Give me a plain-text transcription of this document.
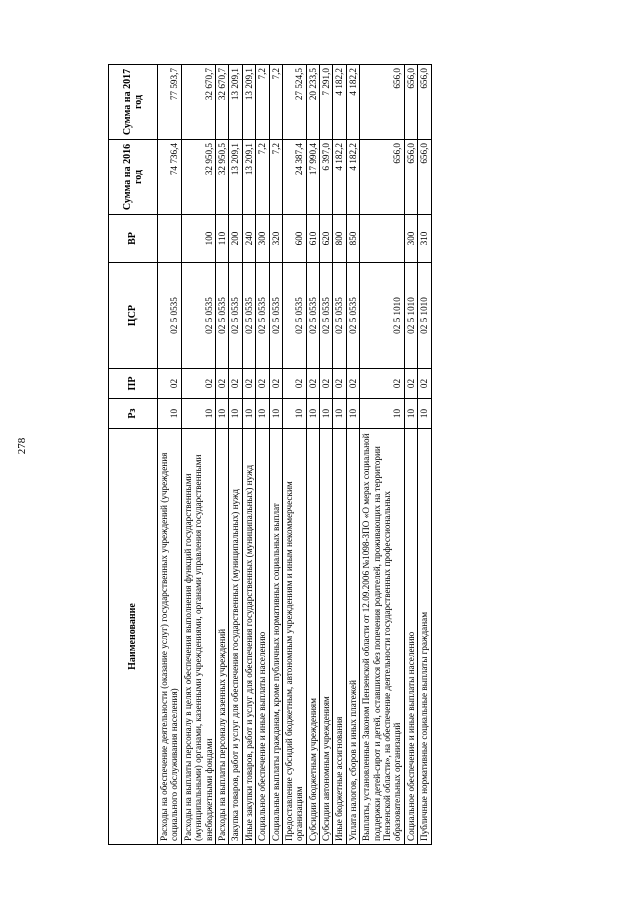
278
Наименование	Рз	ПР	ЦСР	ВР	Сумма на 2016 год	Сумма на 2017 год
Расходы на обеспечение деятельности (оказание услуг) государственных учреждений (учреждения социального обслуживания населения)	10	02	02 5 0535		74 736,4	77 593,7
Расходы на выплаты персоналу в целях обеспечения выполнения функций государственными (муниципальными) органами, казенными учреждениями, органами управления государственными внебюджетными фондами	10	02	02 5 0535	100	32 950,5	32 670,7
Расходы на выплаты персоналу казенных учреждений	10	02	02 5 0535	110	32 950,5	32 670,7
Закупка товаров, работ и услуг для обеспечения государственных (муниципальных) нужд	10	02	02 5 0535	200	13 209,1	13 209,1
Иные закупки товаров, работ и услуг для обеспечения государственных (муниципальных) нужд	10	02	02 5 0535	240	13 209,1	13 209,1
Социальное обеспечение и иные выплаты населению	10	02	02 5 0535	300	7,2	7,2
Социальные выплаты гражданам, кроме публичных нормативных социальных выплат	10	02	02 5 0535	320	7,2	7,2
Предоставление субсидий бюджетным, автономным учреждениям и иным некоммерческим организациям	10	02	02 5 0535	600	24 387,4	27 524,5
Субсидии бюджетным учреждениям	10	02	02 5 0535	610	17 990,4	20 233,5
Субсидии автономным учреждениям	10	02	02 5 0535	620	6 397,0	7 291,0
Иные бюджетные ассигнования	10	02	02 5 0535	800	4 182,2	4 182,2
Уплата налогов, сборов и иных платежей	10	02	02 5 0535	850	4 182,2	4 182,2
Выплаты, установленные Законом Пензенской области от 12.09.2006 №1098-ЗПО «О мерах социальной поддержки детей-сирот и детей, оставшихся без попечения родителей, проживающих на территории Пензенской области», на обеспечение деятельности государственных профессиональных образовательных организаций	10	02	02 5 1010		656,0	656,0
Социальное обеспечение и иные выплаты населению	10	02	02 5 1010	300	656,0	656,0
Публичные нормативные социальные выплаты гражданам	10	02	02 5 1010	310	656,0	656,0
